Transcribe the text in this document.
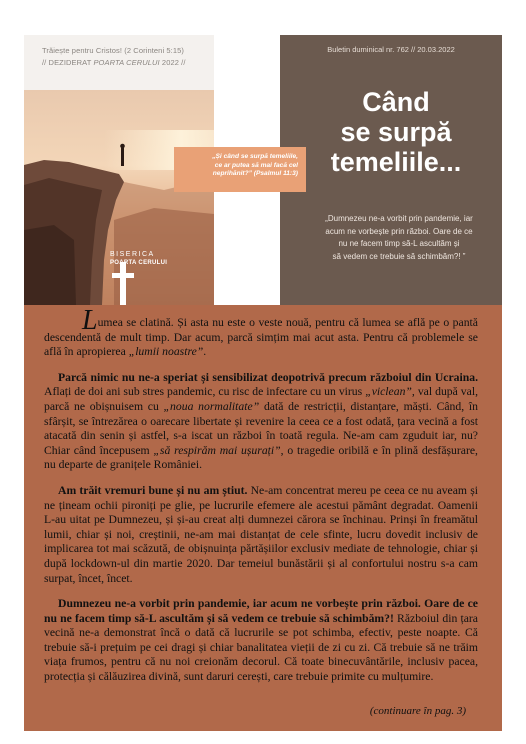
Trăiește pentru Cristos! (2 Corinteni 5:15)
// DEZIDERAT POARTA CERULUI 2022 //
BISERICA
POARTA CERULUI
Buletin duminical nr. 762 // 20.03.2022
Când
se surpă
temeliile...
„Dumnezeu ne-a vorbit prin pandemie, iar
acum ne vorbește prin război. Oare de ce
nu ne facem timp să-L ascultăm și
să vedem ce trebuie să schimbăm?! ”
„Și când se surpă temeliile,
ce ar putea să mai facă cel
neprihănit?” (Psalmul 11:3)

Lumea se clatină. Și asta nu este o veste nouă, pentru că lumea se află pe o pantă descendentă de mult timp. Dar acum, parcă simțim mai acut asta. Pentru că problemele se află în apropierea „lumii noastre”.

Parcă nimic nu ne-a speriat și sensibilizat deopotrivă precum războiul din Ucraina. Aflați de doi ani sub stres pandemic, cu risc de infectare cu un virus „viclean”, val după val, parcă ne obișnuisem cu „noua normalitate” dată de restricții, distanțare, măști. Când, în sfârșit, se întrezărea o oarecare libertate și revenire la ceea ce a fost odată, țara vecină a fost atacată din senin și astfel, s-a iscat un război în toată regula. Ne-am cam zguduit iar, nu? Chiar când începusem „să respirăm mai ușurați”, o tragedie oribilă e în plină desfășurare, nu departe de granițele României.

Am trăit vremuri bune și nu am știut. Ne-am concentrat mereu pe ceea ce nu aveam și ne țineam ochii pironiți pe glie, pe lucrurile efemere ale acestui pământ degradat. Oamenii L-au uitat pe Dumnezeu, și și-au creat alți dumnezei cărora se închinau. Prinși în freamătul lumii, chiar și noi, creștinii, ne-am mai distanțat de cele sfinte, lucru dovedit inclusiv de implicarea tot mai scăzută, de obișnuința părtășiilor exclusiv mediate de tehnologie, chiar și după lockdown-ul din martie 2020. Dar temeiul bunăstării și al confortului nostru s-a cam surpat, încet, încet.

Dumnezeu ne-a vorbit prin pandemie, iar acum ne vorbește prin război. Oare de ce nu ne facem timp să-L ascultăm și să vedem ce trebuie să schimbăm?! Războiul din țara vecină ne-a demonstrat încă o dată că lucrurile se pot schimba, efectiv, peste noapte. Că trebuie să-i prețuim pe cei dragi și chiar banalitatea vieții de zi cu zi. Că trebuie să ne trăim viața frumos, pentru că nu noi creionăm decorul. Că toate binecuvântările, inclusiv pacea, protecția și călăuzirea divină, sunt daruri cerești, care trebuie primite cu mulțumire.

(continuare în pag. 3)
